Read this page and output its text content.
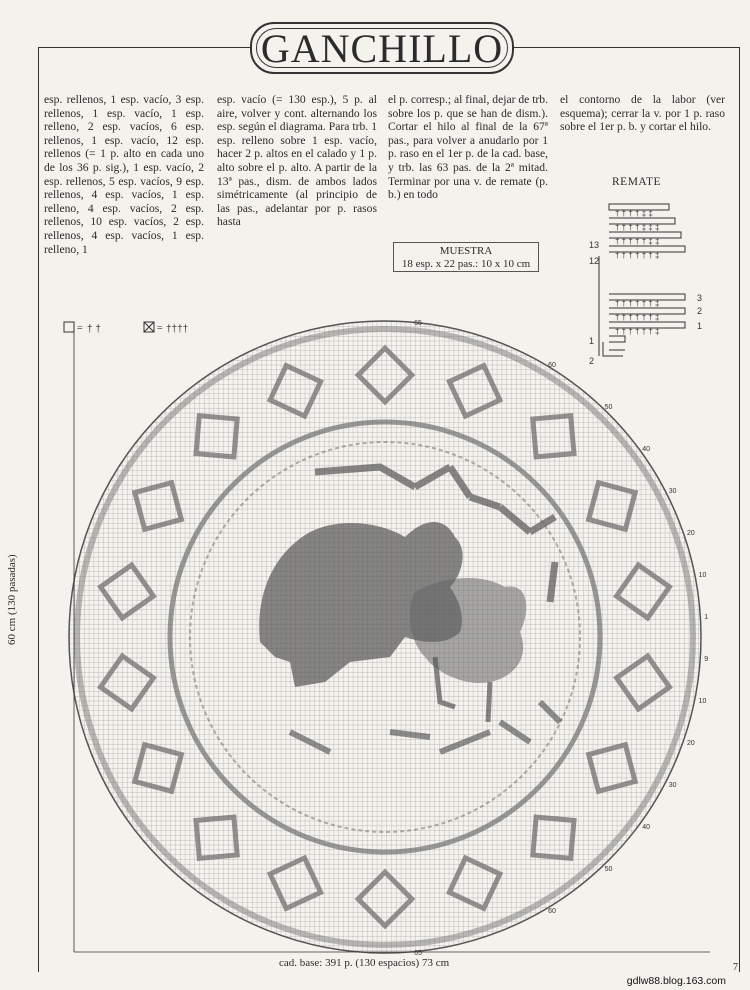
GANCHILLO

esp. rellenos, 1 esp. vacío, 3 esp. rellenos, 1 esp. vacío, 1 esp. relleno, 2 esp. vacíos, 6 esp. rellenos, 1 esp. vacío, 12 esp. rellenos (= 1 p. alto en cada uno de los 36 p. sig.), 1 esp. vacío, 2 esp. rellenos, 5 esp. vacíos, 9 esp. rellenos, 4 esp. vacíos, 1 esp. relleno, 4 esp. vacíos, 2 esp. rellenos, 10 esp. vacíos, 2 esp. rellenos, 4 esp. vacíos, 1 esp. relleno, 1

esp. vacío (= 130 esp.), 5 p. al aire, volver y cont. alternando los esp. según el diagrama. Para trb. 1 esp. relleno sobre 1 esp. vacío, hacer 2 p. altos en el calado y 1 p. alto sobre el p. alto. A partir de la 13ª pas., dism. de ambos lados simétricamente (al principio de las pas., adelantar por p. rasos hasta

el p. corresp.; al final, dejar de trb. sobre los p. que se han de dism.). Cortar el hilo al final de la 67ª pas., para volver a anudarlo por 1 p. raso en el 1er p. de la cad. base, y trb. las 63 pas. de la 2ª mitad. Terminar por una v. de remate (p. b.) en todo

el contorno de la labor (ver esquema); cerrar la v. por 1 p. raso sobre el 1er p. b. y cortar el hilo.

MUESTRA
18 esp. x 22 pas.: 10 x 10 cm
REMATE
† † † † ‡ ‡
† † † † ‡ ‡ ‡
† † † † † ‡ ‡
† † † † † † ‡
† † † † † † ‡
† † † † † † ‡
† † † † † † ‡
13
12
3
2
1
2
1
= † †	= ††††
65
60
50
40
30
20
10
1
9
10
20
30
40
50
60
65
60 cm (130 pasadas)
cad. base: 391 p. (130 espacios) 73 cm	7
gdlw88.blog.163.com
